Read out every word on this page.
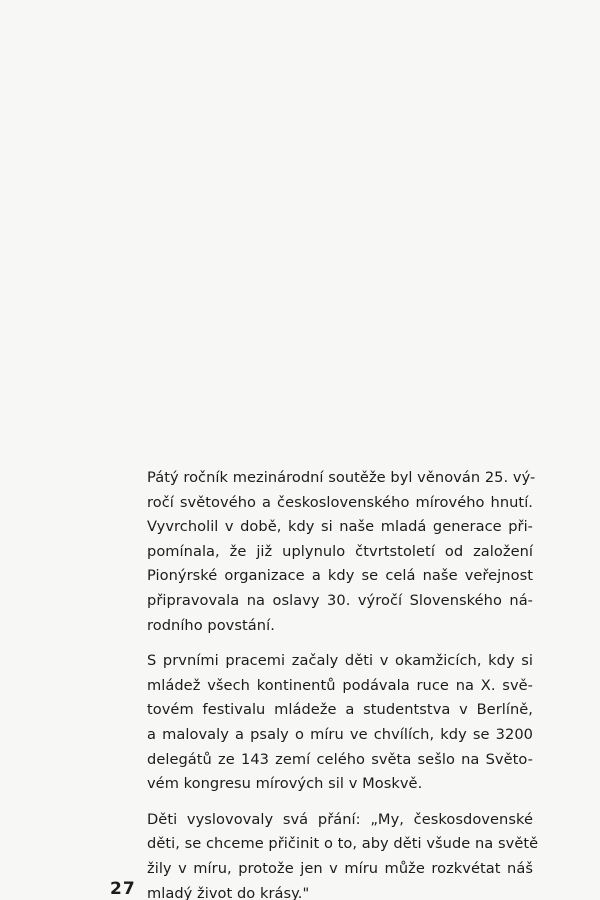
Pátý ročník mezinárodní soutěže byl věnován 25. vý-
ročí světového a československého mírového hnutí.
Vyvrcholil v době, kdy si naše mladá generace při-
pomínala, že již uplynulo čtvrtstoletí od založení
Pionýrské organizace a kdy se celá naše veřejnost
připravovala na oslavy 30. výročí Slovenského ná-
rodního povstání.
S prvními pracemi začaly děti v okamžicích, kdy si
mládež všech kontinentů podávala ruce na X. svě-
tovém festivalu mládeže a studentstva v Berlíně,
a malovaly a psaly o míru ve chvílích, kdy se 3200
delegátů ze 143 zemí celého světa sešlo na Světo-
vém kongresu mírových sil v Moskvě.
Děti vyslovovaly svá přání: „My, českosdovenské
děti, se chceme přičinit o to, aby děti všude na světě
žily v míru, protože jen v míru může rozkvétat náš
mladý život do krásy."
27
